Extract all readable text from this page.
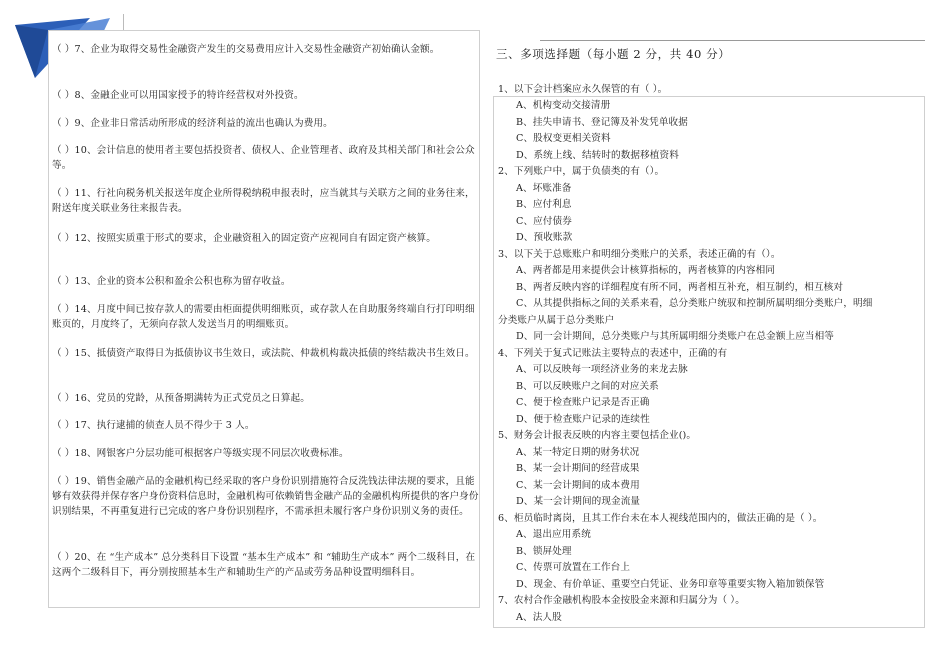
3
（ ）7、企业为取得交易性金融资产发生的交易费用应计入交易性金融资产初始确认金额。
（ ）8、金融企业可以用国家授予的特许经营权对外投资。
（ ）9、企业非日常活动所形成的经济利益的流出也确认为费用。
（ ）10、会计信息的使用者主要包括投资者、债权人、企业管理者、政府及其相关部门和社会公众等。
（ ）11、行社向税务机关报送年度企业所得税纳税申报表时，应当就其与关联方之间的业务往来，附送年度关联业务往来报告表。
（ ）12、按照实质重于形式的要求，企业融资租入的固定资产应视同自有固定资产核算。
（ ）13、企业的资本公积和盈余公积也称为留存收益。
（ ）14、月度中间已按存款人的需要由柜面提供明细账页，或存款人在自助服务终端自行打印明细账页的，月度终了，无须向存款人发送当月的明细账页。
（ ）15、抵债资产取得日为抵债协议书生效日，或法院、仲裁机构裁决抵债的终结裁决书生效日。
（ ）16、党员的党龄，从预备期满转为正式党员之日算起。
（ ）17、执行逮捕的侦查人员不得少于 3 人。
（ ）18、网银客户分层功能可根据客户等级实现不同层次收费标准。
（ ）19、销售金融产品的金融机构已经采取的客户身份识别措施符合反洗钱法律法规的要求，且能够有效获得并保存客户身份资料信息时，金融机构可依赖销售金融产品的金融机构所提供的客户身份识别结果，不再重复进行已完成的客户身份识别程序，不需承担未履行客户身份识别义务的责任。
（ ）20、在 “生产成本” 总分类科目下设置 “基本生产成本” 和 “辅助生产成本” 两个二级科目，在这两个二级科目下，再分别按照基本生产和辅助生产的产品或劳务品种设置明细科目。
三、多项选择题（每小题 2 分，共 40 分）
1、以下会计档案应永久保管的有（ ）。
A、机构变动交接清册
B、挂失申请书、登记簿及补发凭单收据
C、股权变更相关资料
D、系统上线、结转时的数据移植资料
2、下列账户中，属于负债类的有（）。
A、坏账准备
B、应付利息
C、应付债券
D、预收账款
3、以下关于总账账户和明细分类账户的关系，表述正确的有（）。
A、两者都是用来提供会计核算指标的，两者核算的内容相同
B、两者反映内容的详细程度有所不同，两者相互补充，相互制约，相互核对
C、从其提供指标之间的关系来看，总分类账户统驭和控制所属明细分类账户，明细
分类账户从属于总分类账户
D、同一会计期间，总分类账户与其所属明细分类账户在总金额上应当相等
4、下列关于复式记账法主要特点的表述中，正确的有
A、可以反映每一项经济业务的来龙去脉
B、可以反映账户之间的对应关系
C、便于检查账户记录是否正确
D、便于检查账户记录的连续性
5、财务会计报表反映的内容主要包括企业()。
A、某一特定日期的财务状况
B、某一会计期间的经营成果
C、某一会计期间的成本费用
D、某一会计期间的现金流量
6、柜员临时离岗，且其工作台未在本人视线范围内的，做法正确的是（ ）。
A、退出应用系统
B、锁屏处理
C、传票可放置在工作台上
D、现金、有价单证、重要空白凭证、业务印章等重要实物入箱加锁保管
7、农村合作金融机构股本金按股金来源和归属分为（ ）。
A、法人股
